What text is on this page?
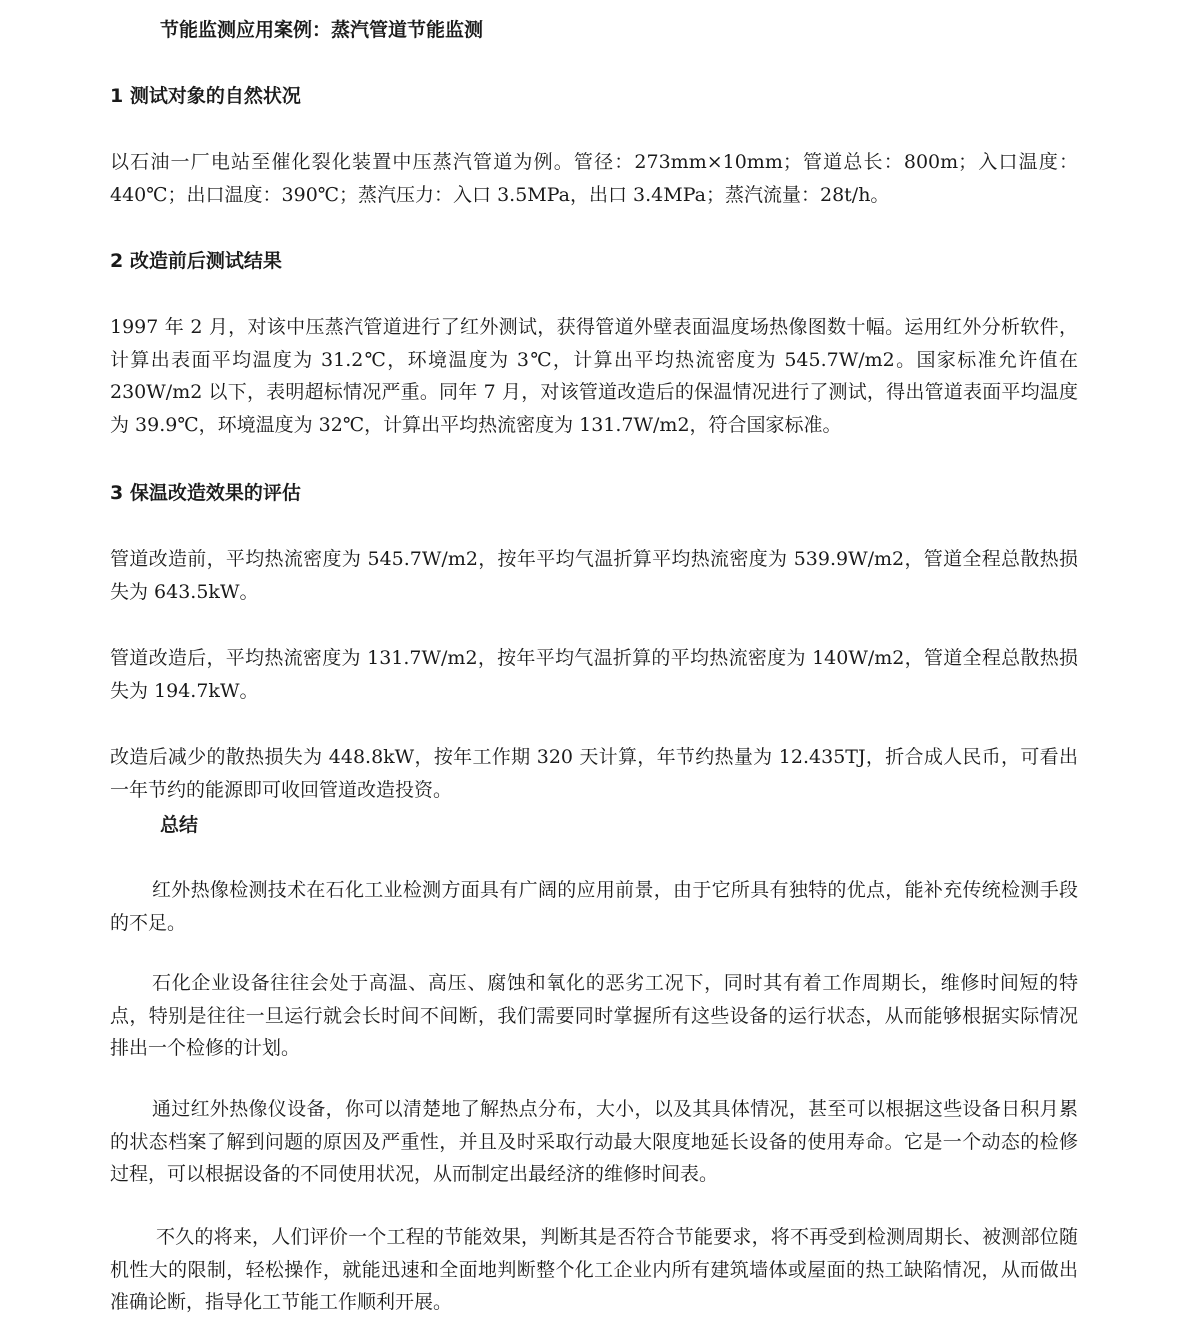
节能监测应用案例：蒸汽管道节能监测
1 测试对象的自然状况

以石油一厂电站至催化裂化装置中压蒸汽管道为例。管径：273mm×10mm；管道总长：800m；入口温度：440℃；出口温度：390℃；蒸汽压力：入口 3.5MPa，出口 3.4MPa；蒸汽流量：28t/h。

2 改造前后测试结果

1997 年 2 月，对该中压蒸汽管道进行了红外测试，获得管道外壁表面温度场热像图数十幅。运用红外分析软件，计算出表面平均温度为 31.2℃，环境温度为 3℃，计算出平均热流密度为 545.7W/m2。国家标准允许值在 230W/m2 以下，表明超标情况严重。同年 7 月，对该管道改造后的保温情况进行了测试，得出管道表面平均温度为 39.9℃，环境温度为 32℃，计算出平均热流密度为 131.7W/m2，符合国家标准。

3 保温改造效果的评估

管道改造前，平均热流密度为 545.7W/m2，按年平均气温折算平均热流密度为 539.9W/m2，管道全程总散热损失为 643.5kW。

管道改造后，平均热流密度为 131.7W/m2，按年平均气温折算的平均热流密度为 140W/m2，管道全程总散热损失为 194.7kW。

改造后减少的散热损失为 448.8kW，按年工作期 320 天计算，年节约热量为 12.435TJ，折合成人民币，可看出一年节约的能源即可收回管道改造投资。

总结

红外热像检测技术在石化工业检测方面具有广阔的应用前景，由于它所具有独特的优点，能补充传统检测手段的不足。

石化企业设备往往会处于高温、高压、腐蚀和氧化的恶劣工况下，同时其有着工作周期长，维修时间短的特点，特别是往往一旦运行就会长时间不间断，我们需要同时掌握所有这些设备的运行状态，从而能够根据实际情况排出一个检修的计划。

通过红外热像仪设备，你可以清楚地了解热点分布，大小，以及其具体情况，甚至可以根据这些设备日积月累的状态档案了解到问题的原因及严重性，并且及时采取行动最大限度地延长设备的使用寿命。它是一个动态的检修过程，可以根据设备的不同使用状况，从而制定出最经济的维修时间表。

不久的将来，人们评价一个工程的节能效果，判断其是否符合节能要求，将不再受到检测周期长、被测部位随机性大的限制，轻松操作，就能迅速和全面地判断整个化工企业内所有建筑墙体或屋面的热工缺陷情况，从而做出准确论断，指导化工节能工作顺利开展。
